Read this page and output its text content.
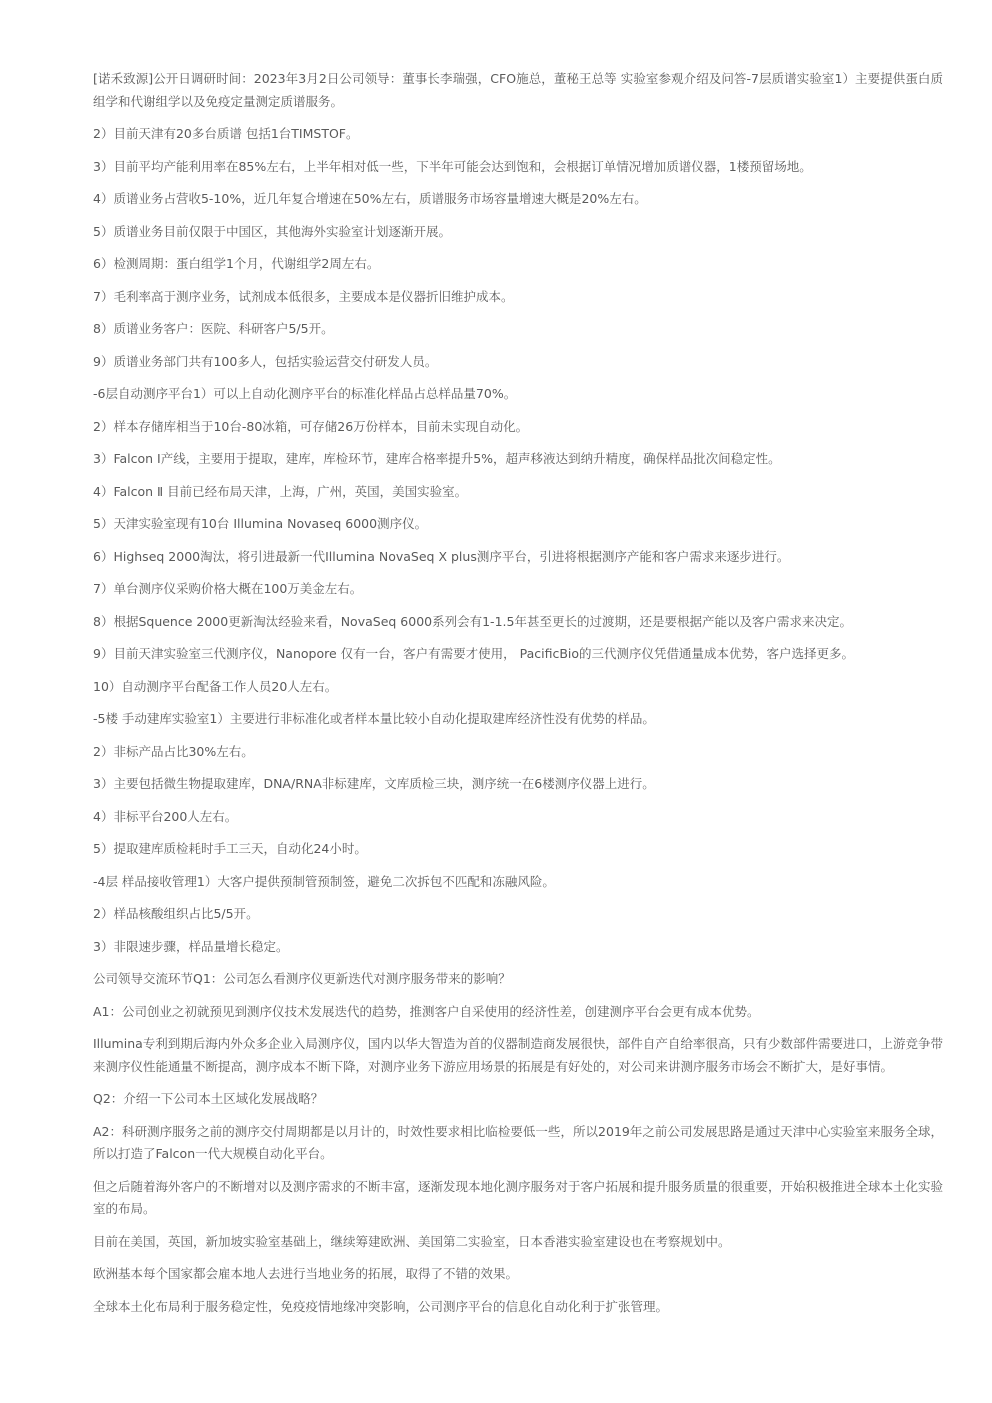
[诺禾致源]公开日调研时间：2023年3月2日公司领导：董事长李瑞强，CFO施总，董秘王总等 实验室参观介绍及问答-7层质谱实验室1）主要提供蛋白质组学和代谢组学以及免疫定量测定质谱服务。

2）目前天津有20多台质谱 包括1台TIMSTOF。

3）目前平均产能利用率在85%左右，上半年相对低一些，下半年可能会达到饱和，会根据订单情况增加质谱仪器，1楼预留场地。

4）质谱业务占营收5-10%，近几年复合增速在50%左右，质谱服务市场容量增速大概是20%左右。

5）质谱业务目前仅限于中国区，其他海外实验室计划逐渐开展。

6）检测周期：蛋白组学1个月，代谢组学2周左右。

7）毛利率高于测序业务，试剂成本低很多，主要成本是仪器折旧维护成本。

8）质谱业务客户：医院、科研客户5/5开。

9）质谱业务部门共有100多人，包括实验运营交付研发人员。

-6层自动测序平台1）可以上自动化测序平台的标准化样品占总样品量70%。

2）样本存储库相当于10台-80冰箱，可存储26万份样本，目前未实现自动化。

3）Falcon Ⅰ产线，主要用于提取，建库，库检环节，建库合格率提升5%，超声移液达到纳升精度，确保样品批次间稳定性。

4）Falcon Ⅱ 目前已经布局天津，上海，广州，英国，美国实验室。

5）天津实验室现有10台 Illumina Novaseq 6000测序仪。

6）Highseq 2000淘汰，将引进最新一代Illumina NovaSeq X plus测序平台，引进将根据测序产能和客户需求来逐步进行。

7）单台测序仪采购价格大概在100万美金左右。

8）根据Squence 2000更新淘汰经验来看，NovaSeq 6000系列会有1-1.5年甚至更长的过渡期，还是要根据产能以及客户需求来决定。

9）目前天津实验室三代测序仪，Nanopore 仅有一台，客户有需要才使用， PacificBio的三代测序仪凭借通量成本优势，客户选择更多。

10）自动测序平台配备工作人员20人左右。

-5楼 手动建库实验室1）主要进行非标准化或者样本量比较小自动化提取建库经济性没有优势的样品。

2）非标产品占比30%左右。

3）主要包括微生物提取建库，DNA/RNA非标建库，文库质检三块，测序统一在6楼测序仪器上进行。

4）非标平台200人左右。

5）提取建库质检耗时手工三天，自动化24小时。

-4层 样品接收管理1）大客户提供预制管预制签，避免二次拆包不匹配和冻融风险。

2）样品核酸组织占比5/5开。

3）非限速步骤，样品量增长稳定。

公司领导交流环节Q1：公司怎么看测序仪更新迭代对测序服务带来的影响？

A1：公司创业之初就预见到测序仪技术发展迭代的趋势，推测客户自采使用的经济性差，创建测序平台会更有成本优势。

Illumina专利到期后海内外众多企业入局测序仪，国内以华大智造为首的仪器制造商发展很快，部件自产自给率很高，只有少数部件需要进口，上游竞争带来测序仪性能通量不断提高，测序成本不断下降，对测序业务下游应用场景的拓展是有好处的，对公司来讲测序服务市场会不断扩大，是好事情。

Q2：介绍一下公司本土区域化发展战略？

A2：科研测序服务之前的测序交付周期都是以月计的，时效性要求相比临检要低一些，所以2019年之前公司发展思路是通过天津中心实验室来服务全球，所以打造了Falcon一代大规模自动化平台。

但之后随着海外客户的不断增对以及测序需求的不断丰富，逐渐发现本地化测序服务对于客户拓展和提升服务质量的很重要，开始积极推进全球本土化实验室的布局。

目前在美国，英国，新加坡实验室基础上，继续筹建欧洲、美国第二实验室，日本香港实验室建设也在考察规划中。

欧洲基本每个国家都会雇本地人去进行当地业务的拓展，取得了不错的效果。

全球本土化布局利于服务稳定性，免疫疫情地缘冲突影响，公司测序平台的信息化自动化利于扩张管理。
